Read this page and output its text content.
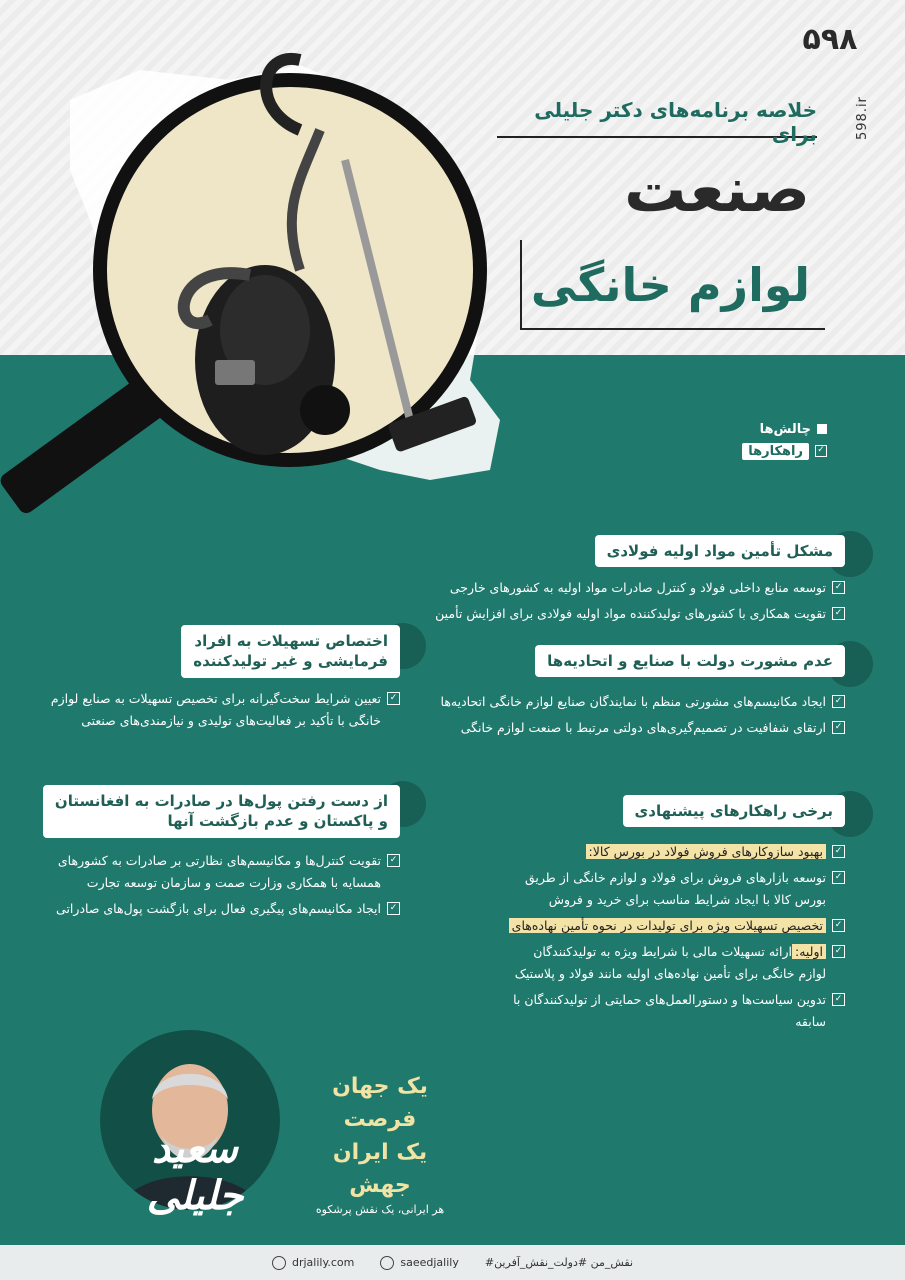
۵۹۸
598.ir
خلاصه برنامه‌های دکتر جلیلی برای
صنعت
لوازم خانگی
چالش‌ها
✓
راهکارها
مشکل تأمین مواد اولیه فولادی
✓
توسعه منابع داخلی فولاد و کنترل صادرات مواد اولیه به کشورهای خارجی
✓
تقویت همکاری با کشورهای تولیدکننده مواد اولیه فولادی برای افزایش تأمین
اختصاص تسهیلات به افراد
فرمایشی و غیر تولیدکننده
✓
تعیین شرایط سخت‌گیرانه برای تخصیص تسهیلات به صنایع لوازم خانگی با تأکید بر فعالیت‌های تولیدی و نیازمندی‌های صنعتی
عدم مشورت دولت با صنایع و اتحادیه‌ها
✓
ایجاد مکانیسم‌های مشورتی منظم با نمایندگان صنایع لوازم خانگی اتحادیه‌ها
✓
ارتقای شفافیت در تصمیم‌گیری‌های دولتی مرتبط با صنعت لوازم خانگی
از دست رفتن پول‌ها در صادرات به افغانستان
و پاکستان و عدم بازگشت آنها
✓
تقویت کنترل‌ها و مکانیسم‌های نظارتی بر صادرات به کشورهای همسایه با همکاری وزارت صمت و سازمان توسعه تجارت
✓
ایجاد مکانیسم‌های پیگیری فعال برای بازگشت پول‌های صادراتی
برخی راهکارهای پیشنهادی
✓
بهبود سازوکارهای فروش فولاد در بورس کالا:
✓
توسعه بازارهای فروش برای فولاد و لوازم خانگی از طریق بورس کالا با ایجاد شرایط مناسب برای خرید و فروش
✓
تخصیص تسهیلات ویژه برای تولیدات در نحوه تأمین نهاده‌های
✓
اولیه:ارائه تسهیلات مالی با شرایط ویژه به تولیدکنندگان لوازم خانگی برای تأمین نهاده‌های اولیه مانند فولاد و پلاستیک
✓
تدوین سیاست‌ها و دستورالعمل‌های حمایتی از تولیدکنندگان با سابقه
سعید جلیلی
یک جهان فرصت
یک ایران جهش
هر ایرانی، یک نقش پرشکوه
drjalily.com	saeedjalily #نقش_من #دولت_نقش_آفرین
